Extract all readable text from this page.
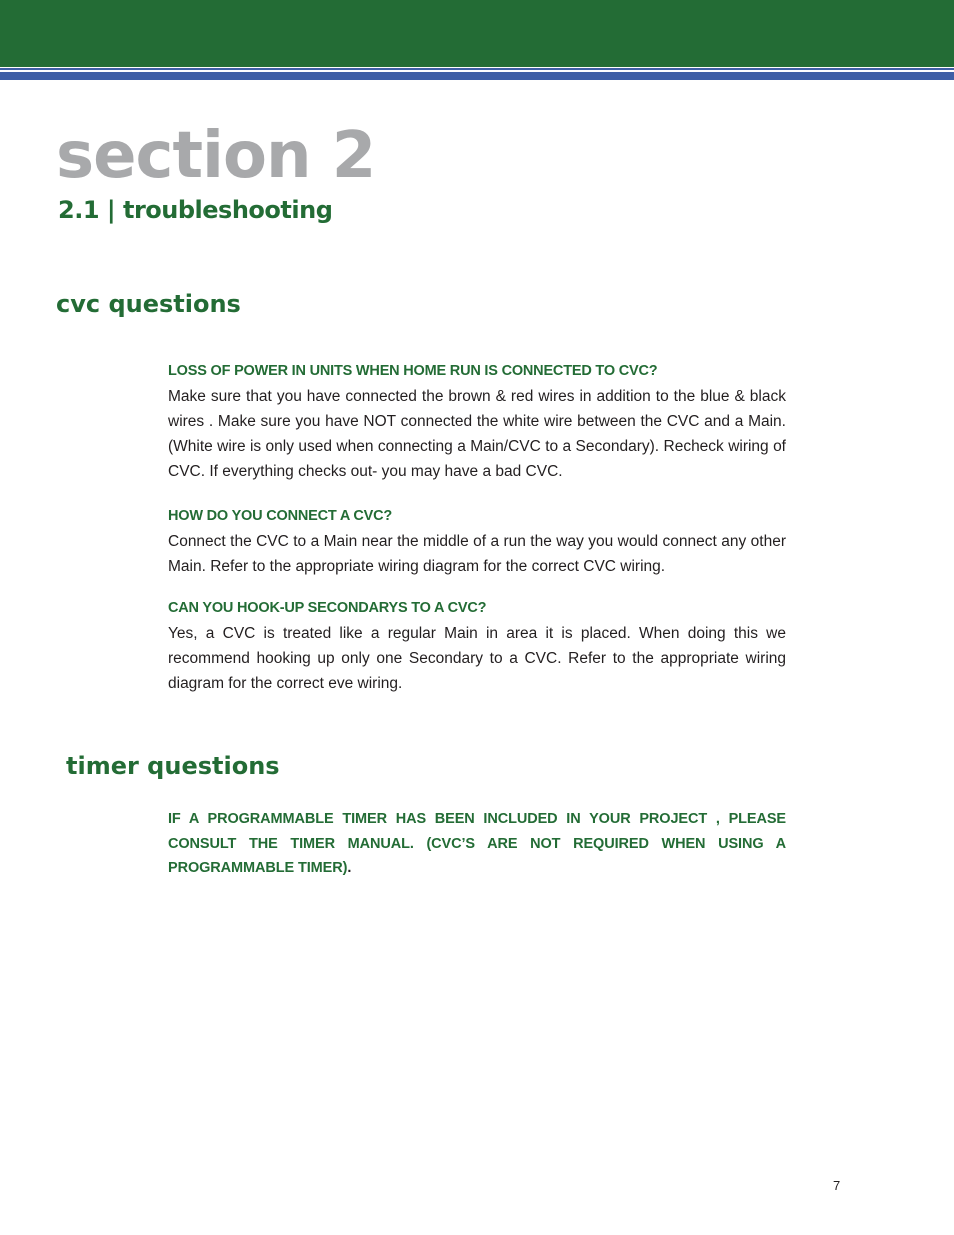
section 2
2.1 | troubleshooting
cvc questions

LOSS OF POWER IN UNITS WHEN HOME RUN IS CONNECTED TO CVC?

Make sure that you have connected the brown & red wires in addition to the blue & black wires . Make sure you have NOT connected the white wire between the CVC and a Main. (White wire is only used when connecting a Main/CVC to a Secondary). Recheck wiring of CVC. If everything checks out- you may have a bad CVC.

HOW DO YOU CONNECT A CVC?

Connect the CVC to a Main near the middle of a run the way you would connect any other Main. Refer to the appropriate wiring diagram for the correct CVC wiring.

CAN YOU HOOK-UP SECONDARYS TO A CVC?

Yes, a CVC is treated like a regular Main in area it is placed. When doing this we recommend hooking up only one Secondary to a CVC. Refer to the appropriate wiring diagram for the correct eve wiring.

timer questions

IF A PROGRAMMABLE TIMER HAS BEEN INCLUDED IN YOUR PROJECT , PLEASE CONSULT THE TIMER MANUAL. (CVC’S ARE NOT REQUIRED WHEN USING A PROGRAMMABLE TIMER).

7
